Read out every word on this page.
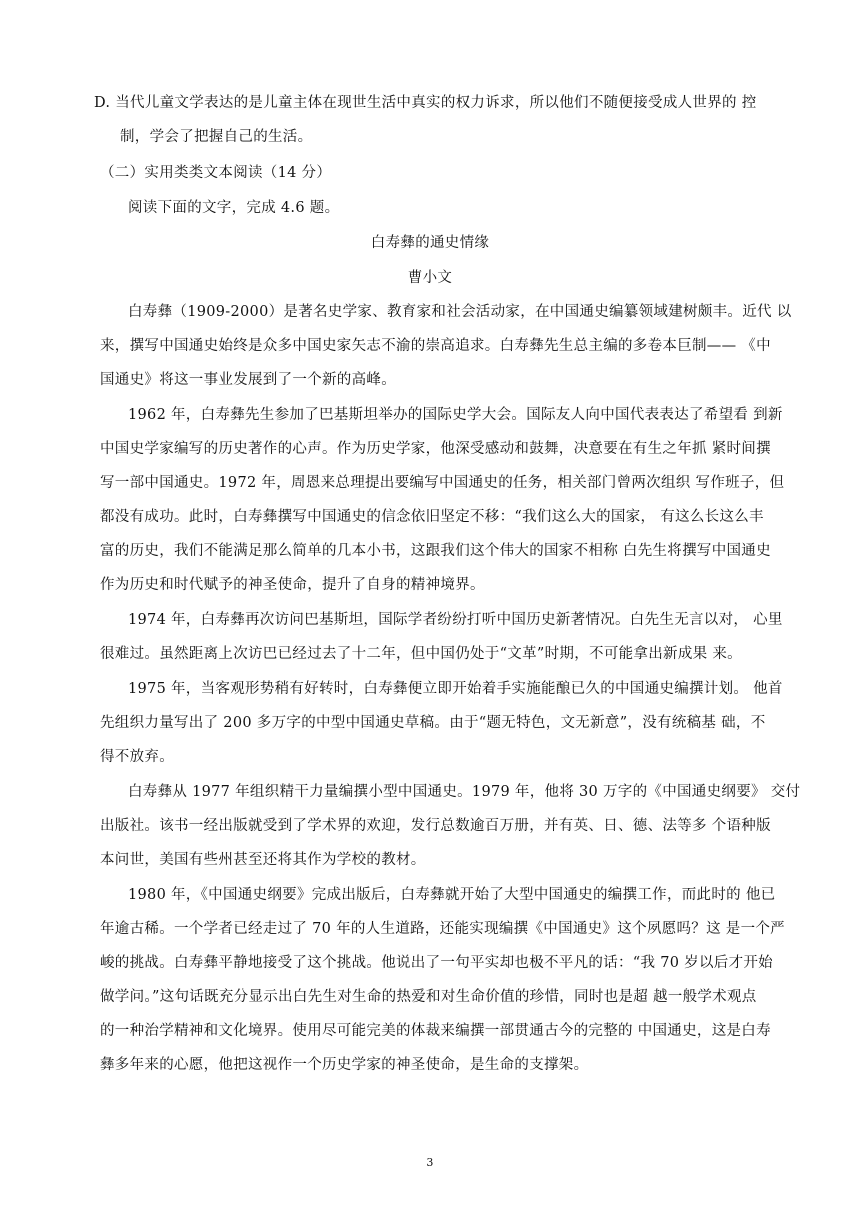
D. 当代儿童文学表达的是儿童主体在现世生活中真实的权力诉求，所以他们不随便接受成人世界的 控
制，学会了把握自己的生活。
（二）实用类类文本阅读（14 分）
阅读下面的文字，完成 4.6 题。
白寿彝的通史情缘
曹小文
白寿彝（1909-2000）是著名史学家、教育家和社会活动家，在中国通史编纂领域建树颇丰。近代 以
来，撰写中国通史始终是众多中国史家矢志不渝的崇高追求。白寿彝先生总主编的多卷本巨制—— 《中
国通史》将这一事业发展到了一个新的高峰。
1962 年，白寿彝先生参加了巴基斯坦举办的国际史学大会。国际友人向中国代表表达了希望看 到新
中国史学家编写的历史著作的心声。作为历史学家，他深受感动和鼓舞，决意要在有生之年抓 紧时间撰
写一部中国通史。1972 年，周恩来总理提出要编写中国通史的任务，相关部门曾两次组织 写作班子，但
都没有成功。此时，白寿彝撰写中国通史的信念依旧坚定不移：“我们这么大的国家， 有这么长这么丰
富的历史，我们不能满足那么简单的几本小书，这跟我们这个伟大的国家不相称 白先生将撰写中国通史
作为历史和时代赋予的神圣使命，提升了自身的精神境界。
1974 年，白寿彝再次访问巴基斯坦，国际学者纷纷打听中国历史新著情况。白先生无言以对， 心里
很难过。虽然距离上次访巴已经过去了十二年，但中国仍处于“文革”时期，不可能拿出新成果 来。
1975 年，当客观形势稍有好转时，白寿彝便立即开始着手实施能酿已久的中国通史编撰计划。 他首
先组织力量写出了 200 多万字的中型中国通史草稿。由于“题无特色，文无新意”，没有统稿基 础，不
得不放弃。
白寿彝从 1977 年组织精干力量编撰小型中国通史。1979 年，他将 30 万字的《中国通史纲要》 交付
出版社。该书一经出版就受到了学术界的欢迎，发行总数逾百万册，并有英、日、德、法等多 个语种版
本问世，美国有些州甚至还将其作为学校的教材。
1980 年，《中国通史纲要》完成出版后，白寿彝就开始了大型中国通史的编撰工作，而此时的 他已
年逾古稀。一个学者已经走过了 70 年的人生道路，还能实现编撰《中国通史》这个夙愿吗？这 是一个严
峻的挑战。白寿彝平静地接受了这个挑战。他说出了一句平实却也极不平凡的话：“我 70 岁以后才开始
做学问。”这句话既充分显示出白先生对生命的热爱和对生命价值的珍惜，同时也是超 越一般学术观点
的一种治学精神和文化境界。使用尽可能完美的体裁来编撰一部贯通古今的完整的 中国通史，这是白寿
彝多年来的心愿，他把这视作一个历史学家的神圣使命，是生命的支撑架。
3
